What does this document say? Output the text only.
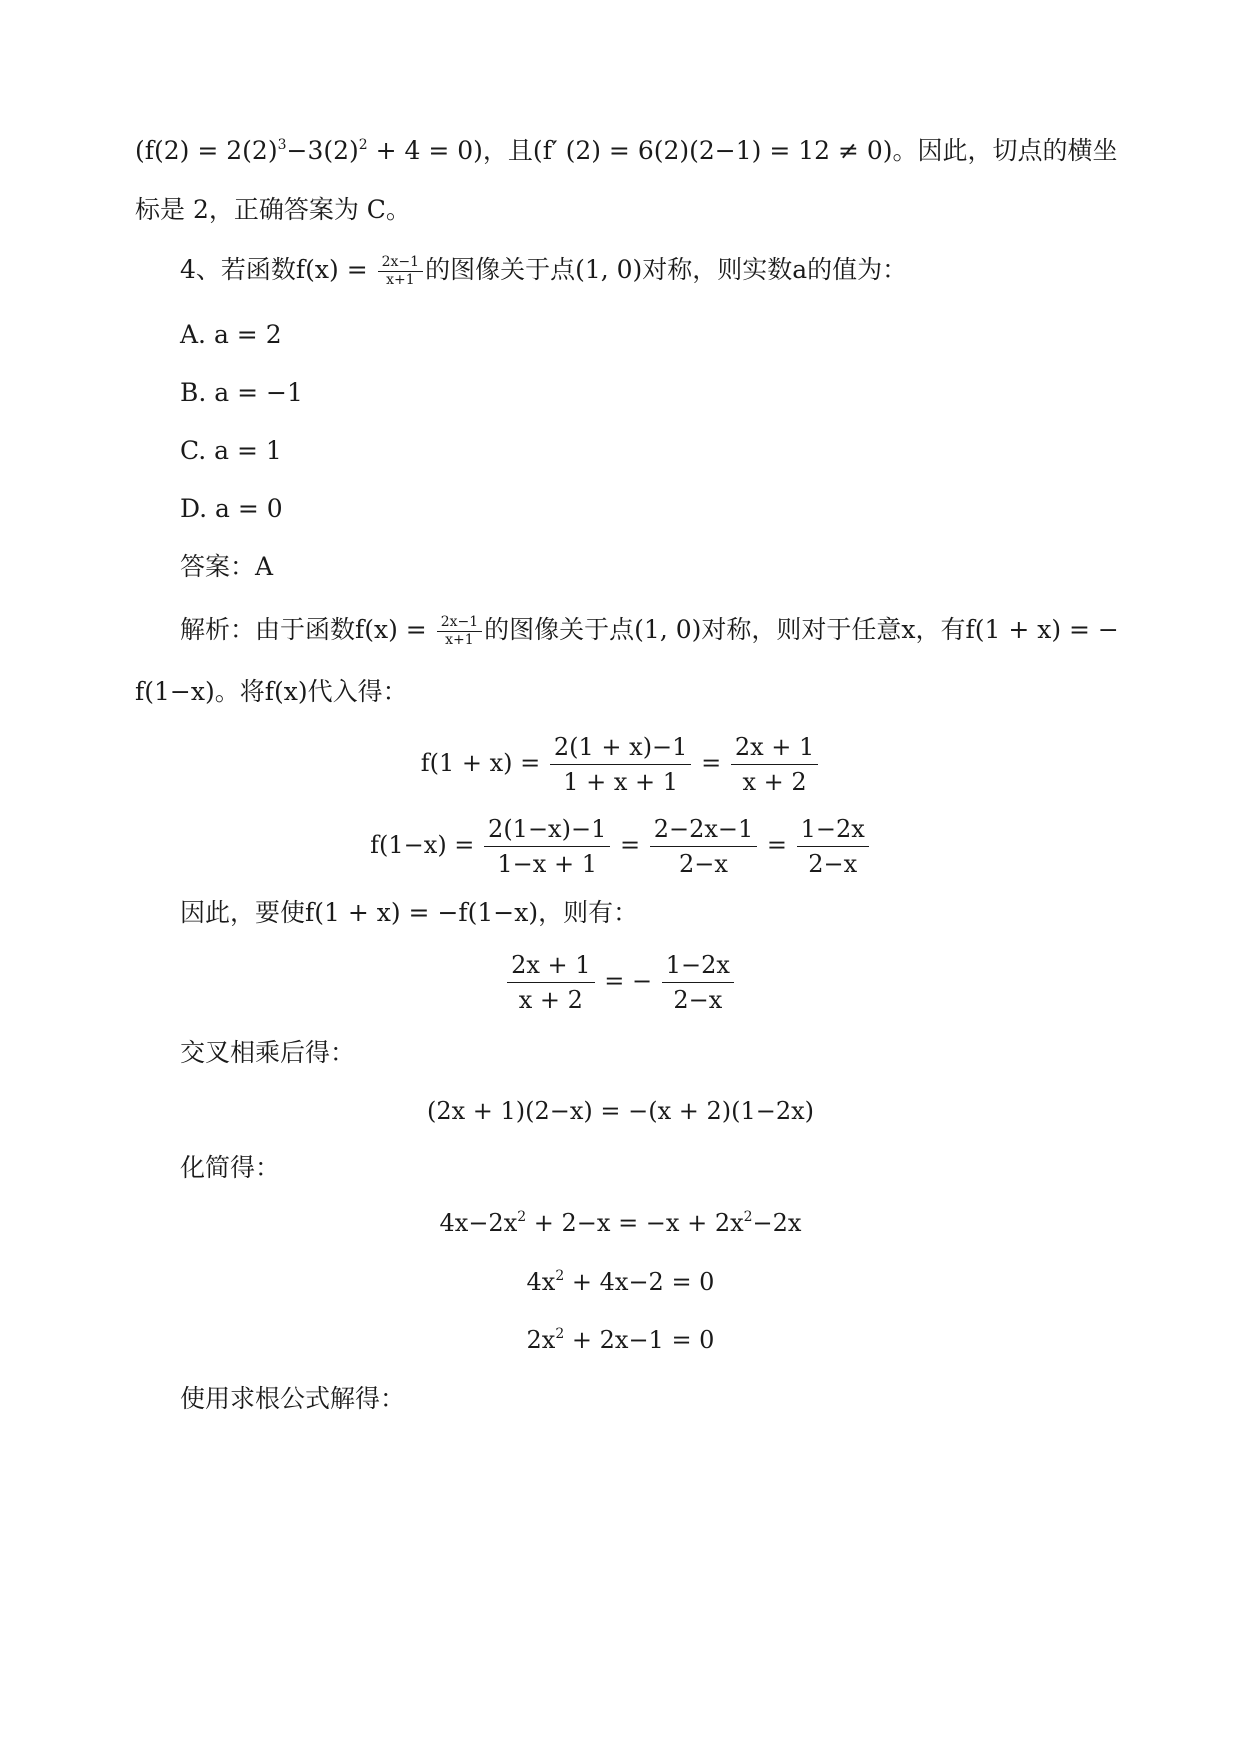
$(f(2) = 2(2)^3-3(2)^2 + 4 = 0)$，且(f′ (2) = 6(2)(2−1) = 12 ≠ 0)。因此，切点的横坐
标是 2，正确答案为 C。
4、若函数$f(x) = \frac{2x-1}{x+1}$ 的图像关于点(1, 0)对称，则实数a的值为：
A. a = 2
B. a = −1
C. a = 1
D. a = 0
答案：A
解析：由于函数$f(x) = \frac{2x-1}{x+1}$ 的图像关于点(1, 0)对称，则对于任意x，有f(1 + x) = −
f(1−x)。将f(x)代入得：
$f(1 + x) = \frac{2(1 + x)-1}{1 + x + 1} = \frac{2x + 1}{x + 2}$
$f(1-x) = \frac{2(1-x)-1}{1-x + 1} = \frac{2-2x-1}{2-x} = \frac{1-2x}{2-x}$
因此，要使f(1 + x) = −f(1−x)，则有：
$\frac{2x + 1}{x + 2}$ = − $\frac{1-2x}{2-x}$
交叉相乘后得：
(2x + 1)(2−x) = −(x + 2)(1−2x)
化简得：
$4x-2x^2 + 2-x = -x + 2x^2-2x$
$4x^2 + 4x-2 = 0$
$2x^2 + 2x-1 = 0$
使用求根公式解得：
